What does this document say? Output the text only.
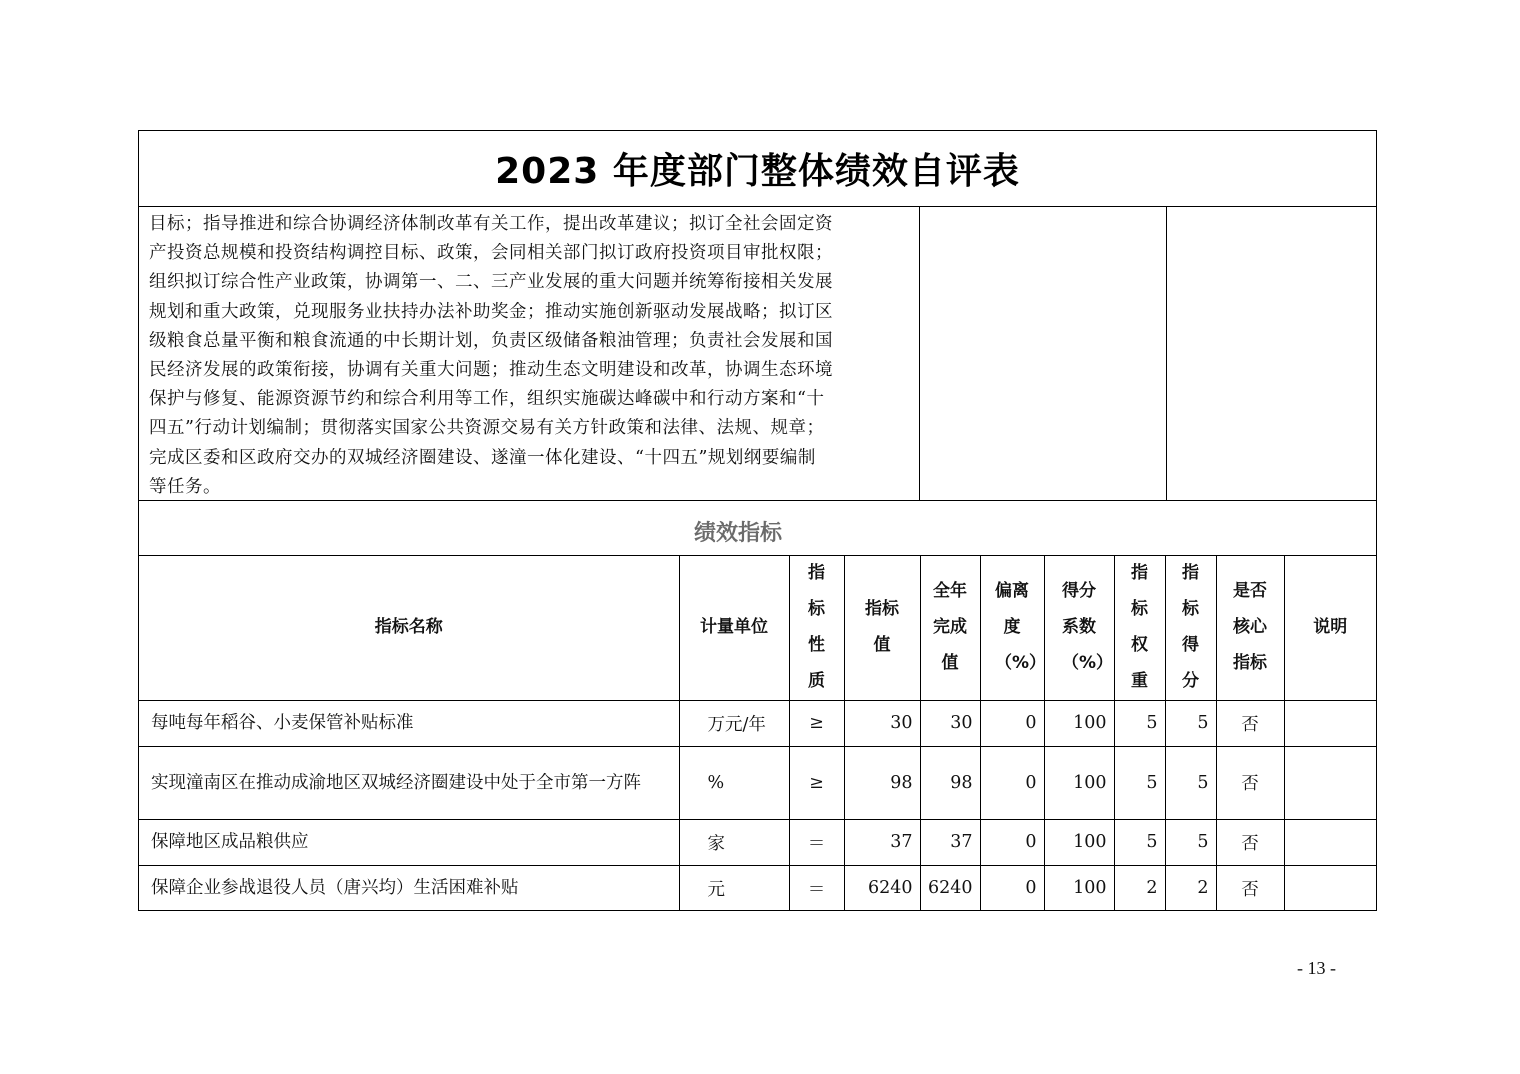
2023 年度部门整体绩效自评表
目标；指导推进和综合协调经济体制改革有关工作，提出改革建议；拟订全社会固定资
产投资总规模和投资结构调控目标、政策，会同相关部门拟订政府投资项目审批权限；
组织拟订综合性产业政策，协调第一、二、三产业发展的重大问题并统筹衔接相关发展
规划和重大政策，兑现服务业扶持办法补助奖金；推动实施创新驱动发展战略；拟订区
级粮食总量平衡和粮食流通的中长期计划，负责区级储备粮油管理；负责社会发展和国
民经济发展的政策衔接，协调有关重大问题；推动生态文明建设和改革，协调生态环境
保护与修复、能源资源节约和综合利用等工作，组织实施碳达峰碳中和行动方案和“十
四五”行动计划编制；贯彻落实国家公共资源交易有关方针政策和法律、法规、规章；
完成区委和区政府交办的双城经济圈建设、遂潼一体化建设、“十四五”规划纲要编制
等任务。
绩效指标
指标名称	计量单位	指标性质	指标值	全年完成值	偏离度（%）	得分系数（%）	指标权重	指标得分	是否核心指标	说明
每吨每年稻谷、小麦保管补贴标准	万元/年	≥	30	30	0	100	5	5	否	
实现潼南区在推动成渝地区双城经济圈建设中处于全市第一方阵	%	≥	98	98	0	100	5	5	否	
保障地区成品粮供应	家	＝	37	37	0	100	5	5	否	
保障企业参战退役人员（唐兴均）生活困难补贴	元	＝	6240	6240	0	100	2	2	否	
- 13 -
